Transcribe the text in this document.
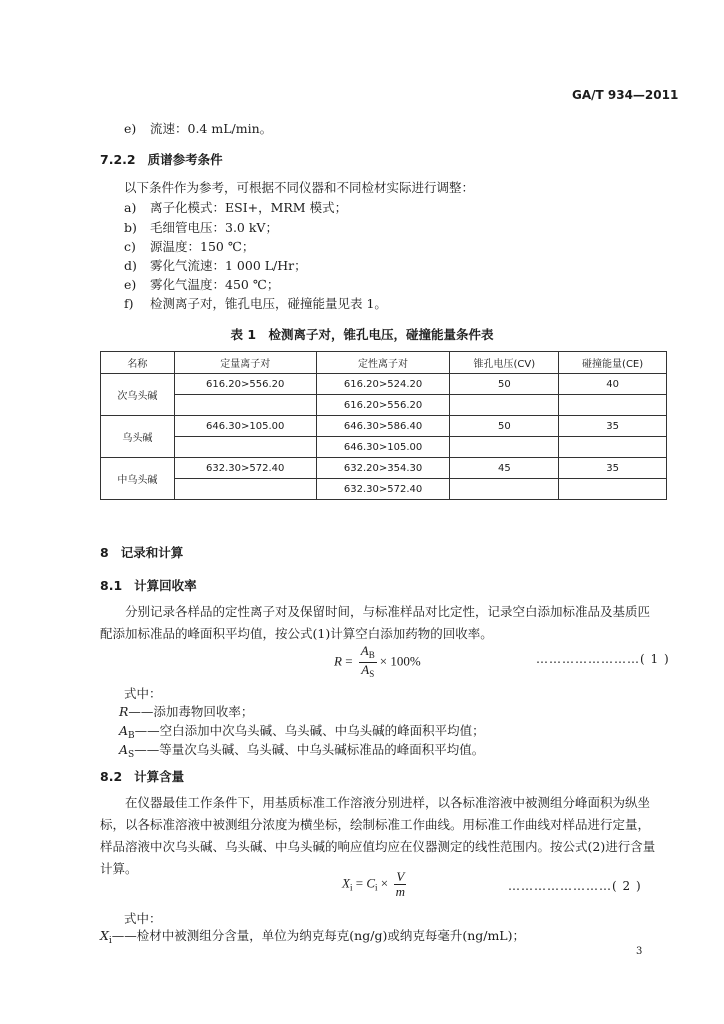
GA/T 934—2011
e) 流速：0.4 mL/min。
7.2.2 质谱参考条件
以下条件作为参考，可根据不同仪器和不同检材实际进行调整：
a) 离子化模式：ESI+，MRM 模式；
b) 毛细管电压：3.0 kV；
c) 源温度：150 ℃；
d) 雾化气流速：1 000 L/Hr；
e) 雾化气温度：450 ℃；
f) 检测离子对，锥孔电压，碰撞能量见表 1。
表 1　检测离子对，锥孔电压，碰撞能量条件表
名称	定量离子对	定性离子对	锥孔电压(CV)	碰撞能量(CE)
次乌头碱	616.20>556.20	616.20>524.20	50	40
		616.20>556.20		
乌头碱	646.30>105.00	646.30>586.40	50	35
		646.30>105.00		
中乌头碱	632.30>572.40	632.20>354.30	45	35
		632.30>572.40		
8 记录和计算
8.1 计算回收率
分别记录各样品的定性离子对及保留时间，与标准样品对比定性，记录空白添加标准品及基质匹配添加标准品的峰面积平均值，按公式(1)计算空白添加药物的回收率。
$R = \frac{A_B}{A_S} \times 100\%$	……………………( 1 )
式中：
R——添加毒物回收率；
$A_B——$空白添加中次乌头碱、乌头碱、中乌头碱的峰面积平均值；
$A_S——$等量次乌头碱、乌头碱、中乌头碱标准品的峰面积平均值。
8.2 计算含量
在仪器最佳工作条件下，用基质标准工作溶液分别进样，以各标准溶液中被测组分峰面积为纵坐标，以各标准溶液中被测组分浓度为横坐标，绘制标准工作曲线。用标准工作曲线对样品进行定量，样品溶液中次乌头碱、乌头碱、中乌头碱的响应值均应在仪器测定的线性范围内。按公式(2)进行含量计算。
$X_i = C_i \times \frac{V}{m}$	……………………( 2 )
式中：
$X_i——$检材中被测组分含量，单位为纳克每克(ng/g)或纳克每毫升(ng/mL)；
3
